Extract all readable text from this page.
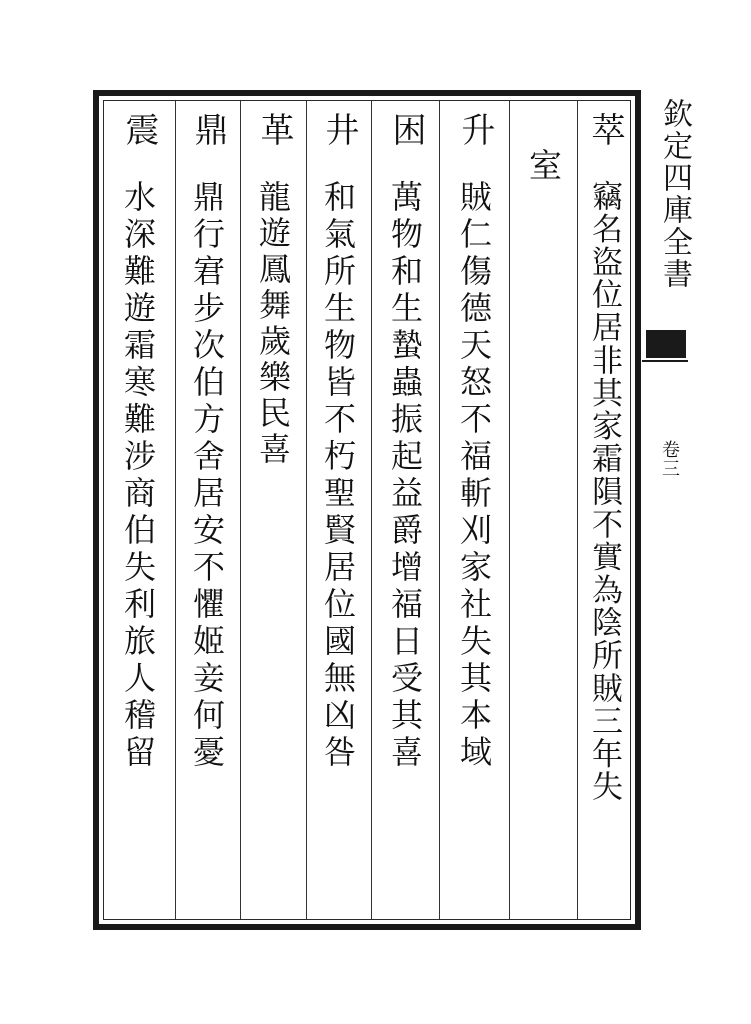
萃
竊名盜位居非其家霜隕不實為陰所賊三年失
室
升
賊仁傷德天怒不福斬刈家社失其本域
困
萬物和生蟄蟲振起益爵增福日受其喜
井
和氣所生物皆不朽聖賢居位國無凶咎
革
龍遊鳳舞歲樂民喜
鼎
鼎行宭步次伯方舍居安不懼姬妾何憂
震
水深難遊霜寒難涉商伯失利旅人稽留	欽定四庫全書
卷三
